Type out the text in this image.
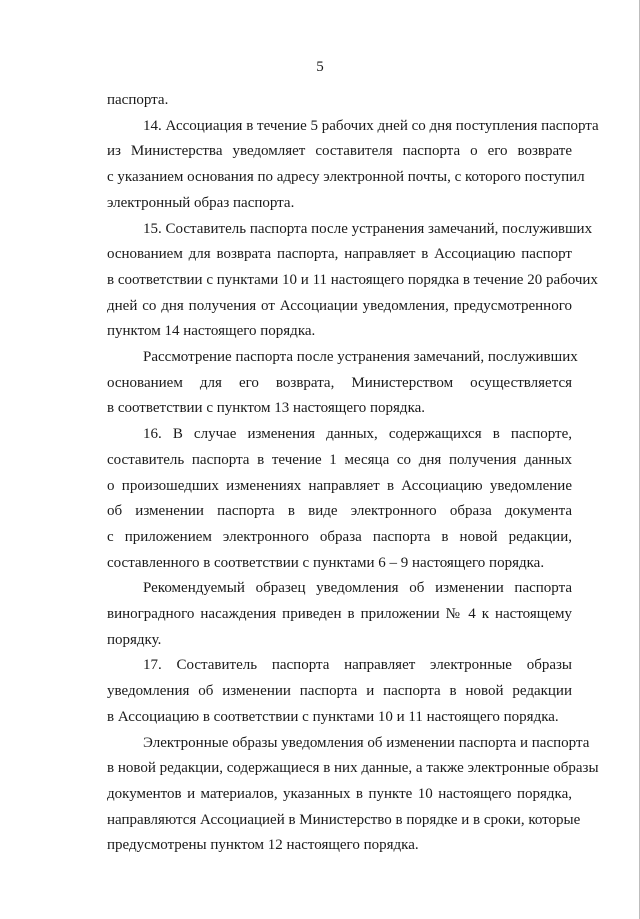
5

паспорта.

14. Ассоциация в течение 5 рабочих дней со дня поступления паспорта
из Министерства уведомляет составителя паспорта о его возврате
с указанием основания по адресу электронной почты, с которого поступил
электронный образ паспорта.

15. Составитель паспорта после устранения замечаний, послуживших
основанием для возврата паспорта, направляет в Ассоциацию паспорт
в соответствии с пунктами 10 и 11 настоящего порядка в течение 20 рабочих
дней со дня получения от Ассоциации уведомления, предусмотренного
пунктом 14 настоящего порядка.

Рассмотрение паспорта после устранения замечаний, послуживших
основанием для его возврата, Министерством осуществляется
в соответствии с пунктом 13 настоящего порядка.

16. В случае изменения данных, содержащихся в паспорте,
составитель паспорта в течение 1 месяца со дня получения данных
о произошедших изменениях направляет в Ассоциацию уведомление
об изменении паспорта в виде электронного образа документа
с приложением электронного образа паспорта в новой редакции,
составленного в соответствии с пунктами 6 – 9 настоящего порядка.

Рекомендуемый образец уведомления об изменении паспорта
виноградного насаждения приведен в приложении № 4 к настоящему
порядку.

17. Составитель паспорта направляет электронные образы
уведомления об изменении паспорта и паспорта в новой редакции
в Ассоциацию в соответствии с пунктами 10 и 11 настоящего порядка.

Электронные образы уведомления об изменении паспорта и паспорта
в новой редакции, содержащиеся в них данные, а также электронные образы
документов и материалов, указанных в пункте 10 настоящего порядка,
направляются Ассоциацией в Министерство в порядке и в сроки, которые
предусмотрены пунктом 12 настоящего порядка.
